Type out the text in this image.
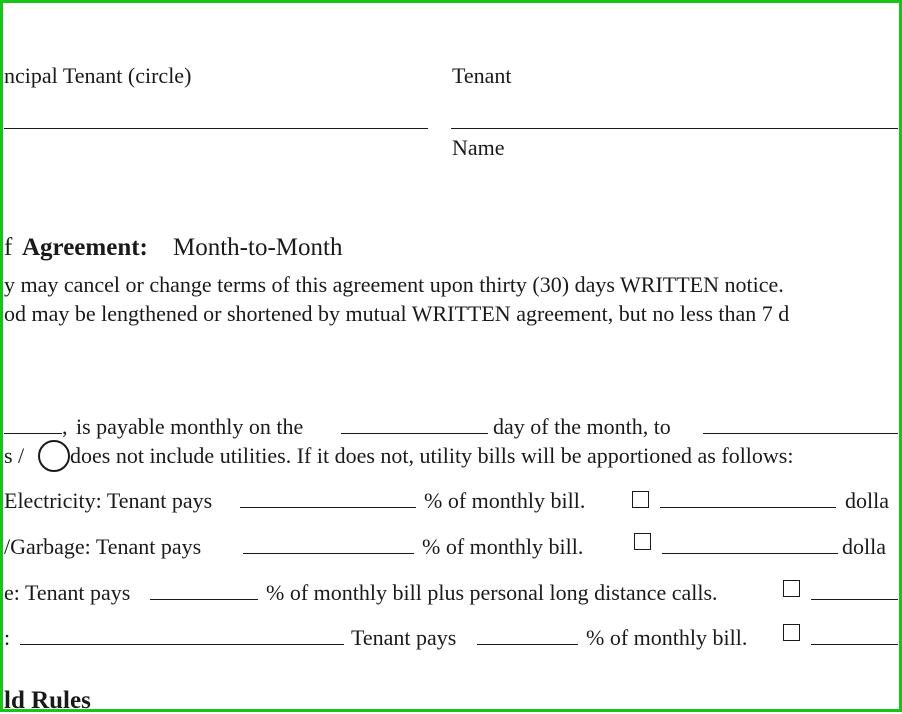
ncipal Tenant (circle)	Tenant
Name
f Agreement: Month-to-Month
y may cancel or change terms of this agreement upon thirty (30) days WRITTEN notice.
od may be lengthened or shortened by mutual WRITTEN agreement, but no less than 7 d
, is payable monthly on the	day of the month, to
s / ○ does not include utilities. If it does not, utility bills will be apportioned as follows:
Electricity: Tenant pays	% of monthly bill.	dolla
/Garbage: Tenant pays	% of monthly bill.	dolla
e: Tenant pays	% of monthly bill plus personal long distance calls.
:	Tenant pays	% of monthly bill.
ld Rules
